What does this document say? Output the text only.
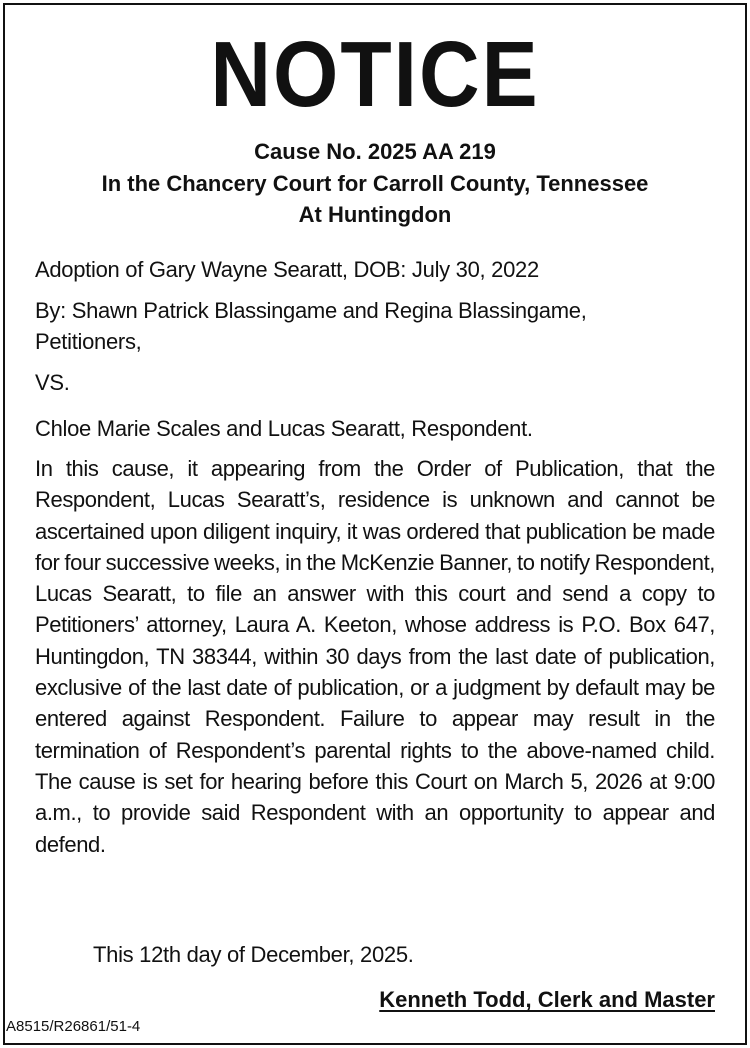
NOTICE
Cause No. 2025 AA 219
In the Chancery Court for Carroll County, Tennessee
At Huntingdon
Adoption of Gary Wayne Searatt, DOB: July 30, 2022
By: Shawn Patrick Blassingame and Regina Blassingame,
Petitioners,
VS.
Chloe Marie Scales and Lucas Searatt, Respondent.
In this cause, it appearing from the Order of Publication, that the Respondent, Lucas Searatt’s, residence is unknown and cannot be ascertained upon diligent inquiry, it was ordered that publication be made for four successive weeks, in the McKenzie Banner, to notify Respondent, Lucas Searatt, to file an answer with this court and send a copy to Petitioners’ attorney, Laura A. Keeton, whose address is P.O. Box 647, Huntingdon, TN 38344, within 30 days from the last date of publication, exclusive of the last date of publication, or a judgment by default may be entered against Respondent. Failure to appear may result in the termination of Respondent’s parental rights to the above-named child. The cause is set for hearing before this Court on March 5, 2026 at 9:00 a.m., to provide said Respondent with an opportunity to appear and defend.
This 12th day of December, 2025.
Kenneth Todd, Clerk and Master
A8515/R26861/51-4
